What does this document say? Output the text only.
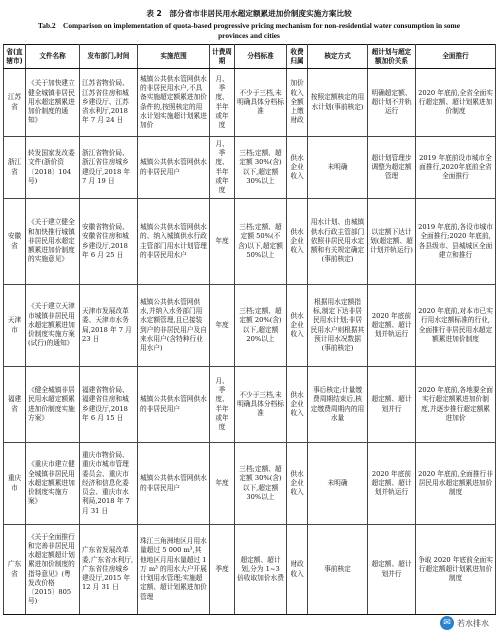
表 2　部分省市非居民用水超定额累进加价制度实施方案比较
Tab.2　Comparison on implementation of quota-based progressive pricing mechanism for non-residential water consumption in some provinces and cities
省(直辖市)	文件名称	发布部门,时间	实施范围	计费周期	分档标准	收费归属	核定方式	超计划与超定额加价关系	全面推行
江苏省	《关于加快建立健全城镇非居民用水超定额累进加价制度的通知》	江苏省物价局、江苏省住房和城乡建设厅、江苏省水利厅,2018 年 7 月 24 日	城镇公共供水管网供水的非居民用水户,不具备实施超定额累进加价条件的,按照核定的用水计划实施超计划累进加价	月、季度、半年或年度	不少于三档,未明确具体分档标准	加价收入全额上缴财政	按照定额核定的用水计划(事前核定)	明确超定额、超计划不并轨运行	2020 年底前,全省全面实行超定额、超计划累进加价制度
浙江省	转发国家发改委文件(浙价资〔2018〕104号)	浙江省物价局、浙江省住房城乡建设厅,2018 年 7 月 19 日	城镇公共供水管网供水的非居民用户	月、季度、半年或年度	三档;定额、超定额 30%(含)以下,超定额 30%以上	供水企业收入	未明确	超计划管理步调整为超定额管理	2019 年底前设市城市全面推行,2020年底前全省全面推行
安徽省	《关于建立健全和加快推行城镇非居民用水超定额累进加价制度的实施意见》	安徽省物价局、安徽省住房和城乡建设厅,2018 年 6 月 25 日	城镇公共供水管网供水的、纳入城镇供水行政主管部门用水计划管理的非居民用水户	年度	三档;定额、超定额 50%(不含)以下,超定额 50%以上	供水企业收入	用水计划、由城镇供水行政主管部门依照非居民用水定额和有关规定确定(事前核定)	以定额下达计划(超定额、超计划并轨运行)	2019 年底前,各设市城市全面推行;2020 年底前,各县级市、县城城区全面建立和推行
天津市	《关于建立天津市城镇非居民用水超定额累进加价制度实施方案(试行)的通知》	天津市发展改革委、天津市水务局,2018 年 7 月 23 日	城镇公共供水管网供水,并纳入水务部门用水定额管理,且已接装到户的非居民用户及自来水用户(含特种行业用水户)	年度	三档;定额、超定额 20%(含)以下,超定额 20%以上	供水企业收入	根据用水定额指标,制定下达非居民用水计划;非居民用水户则根据其预计用水况数据(事前核定)	2020 年底前超定额、超计划并轨运行	2020 年底前,对本市已实行用水定额标准的行业,全面推行非居民用水超定额累进加价制度
福建省	《健全城镇非居民用水超定额累进加价制度实施方案》	福建省物价局、福建省住房和城乡建设厅,2018 年 6 月 15 日	城镇公共供水管网供水的非居民用户	月、季度、半年或年度	不少于三档,未明确具体分档标准	供水企业收入	事后核定;计量缴费周期结束后,核定缴费周期内的用水量	超定额、超计划并行	2020 年底前,各地要全面实行超定额累进加价制度,并逐步推行超定额累进加价
重庆市	《重庆市建立健全城镇非居民用水超定额累进加价制度实施方案》	重庆市物价局、重庆市城市管理委员会、重庆市经济和信息化委员会、重庆市水利局,2018 年 7 月 31 日	城镇公共供水管网供水的非居民用户	年度	三档;定额、超定额 30%(含)以下,超定额 30%以上	供水企业收入	未明确	2020 年底前超定额、超计划并轨运行	2020 年底前,全面推行非居民用水超定额累进加价制度
广东省	《关于全面推行和完善非居民用水超定额超计划累进加价制度的指导意见》(粤发改价格〔2015〕805号)	广东省发展改革委,广东省水利厅,广东省住房城乡建设厅,2015 年 12 月 31 日	珠江三角洲地区月用水量超过 5 000 m³,其他地区月用水量超过 1 万 m³ 的用水大户开展计划用水管理;实施超定额、超计划累进加价管理	季度	超定额、超计划,分为 1~3 倍收取加价水费	财政收入	事前核定	超定额、超计划并行	争取 2020 年底前全面实行超定额超计划累进加价制度
✉ 若水排水
